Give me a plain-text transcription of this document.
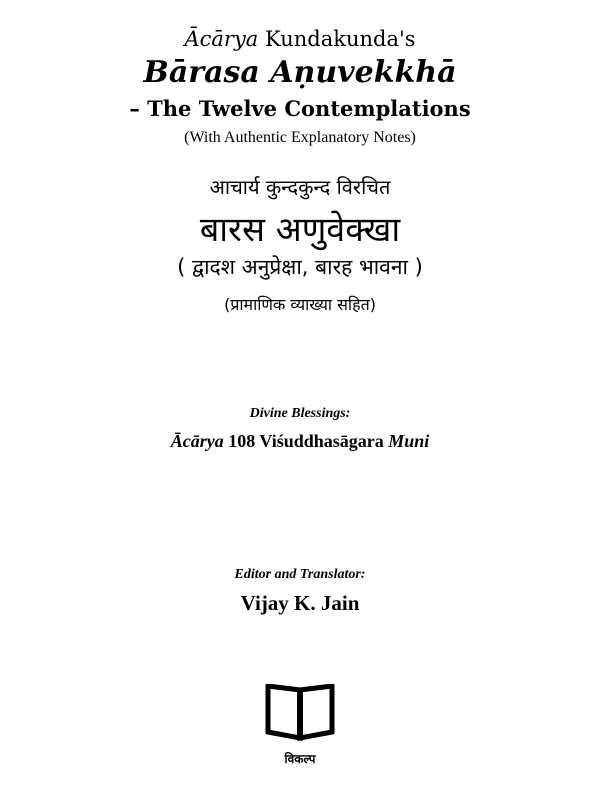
Ācārya Kundakunda's
Bārasa Aṇuvekkhā
– The Twelve Contemplations
(With Authentic Explanatory Notes)
आचार्य कुन्दकुन्द विरचित
बारस अणुवेक्खा
( द्वादश अनुप्रेक्षा, बारह भावना )
(प्रामाणिक व्याख्या सहित)
Divine Blessings:
Ācārya 108 Viśuddhasāgara Muni
Editor and Translator:
Vijay K. Jain
विकल्प
